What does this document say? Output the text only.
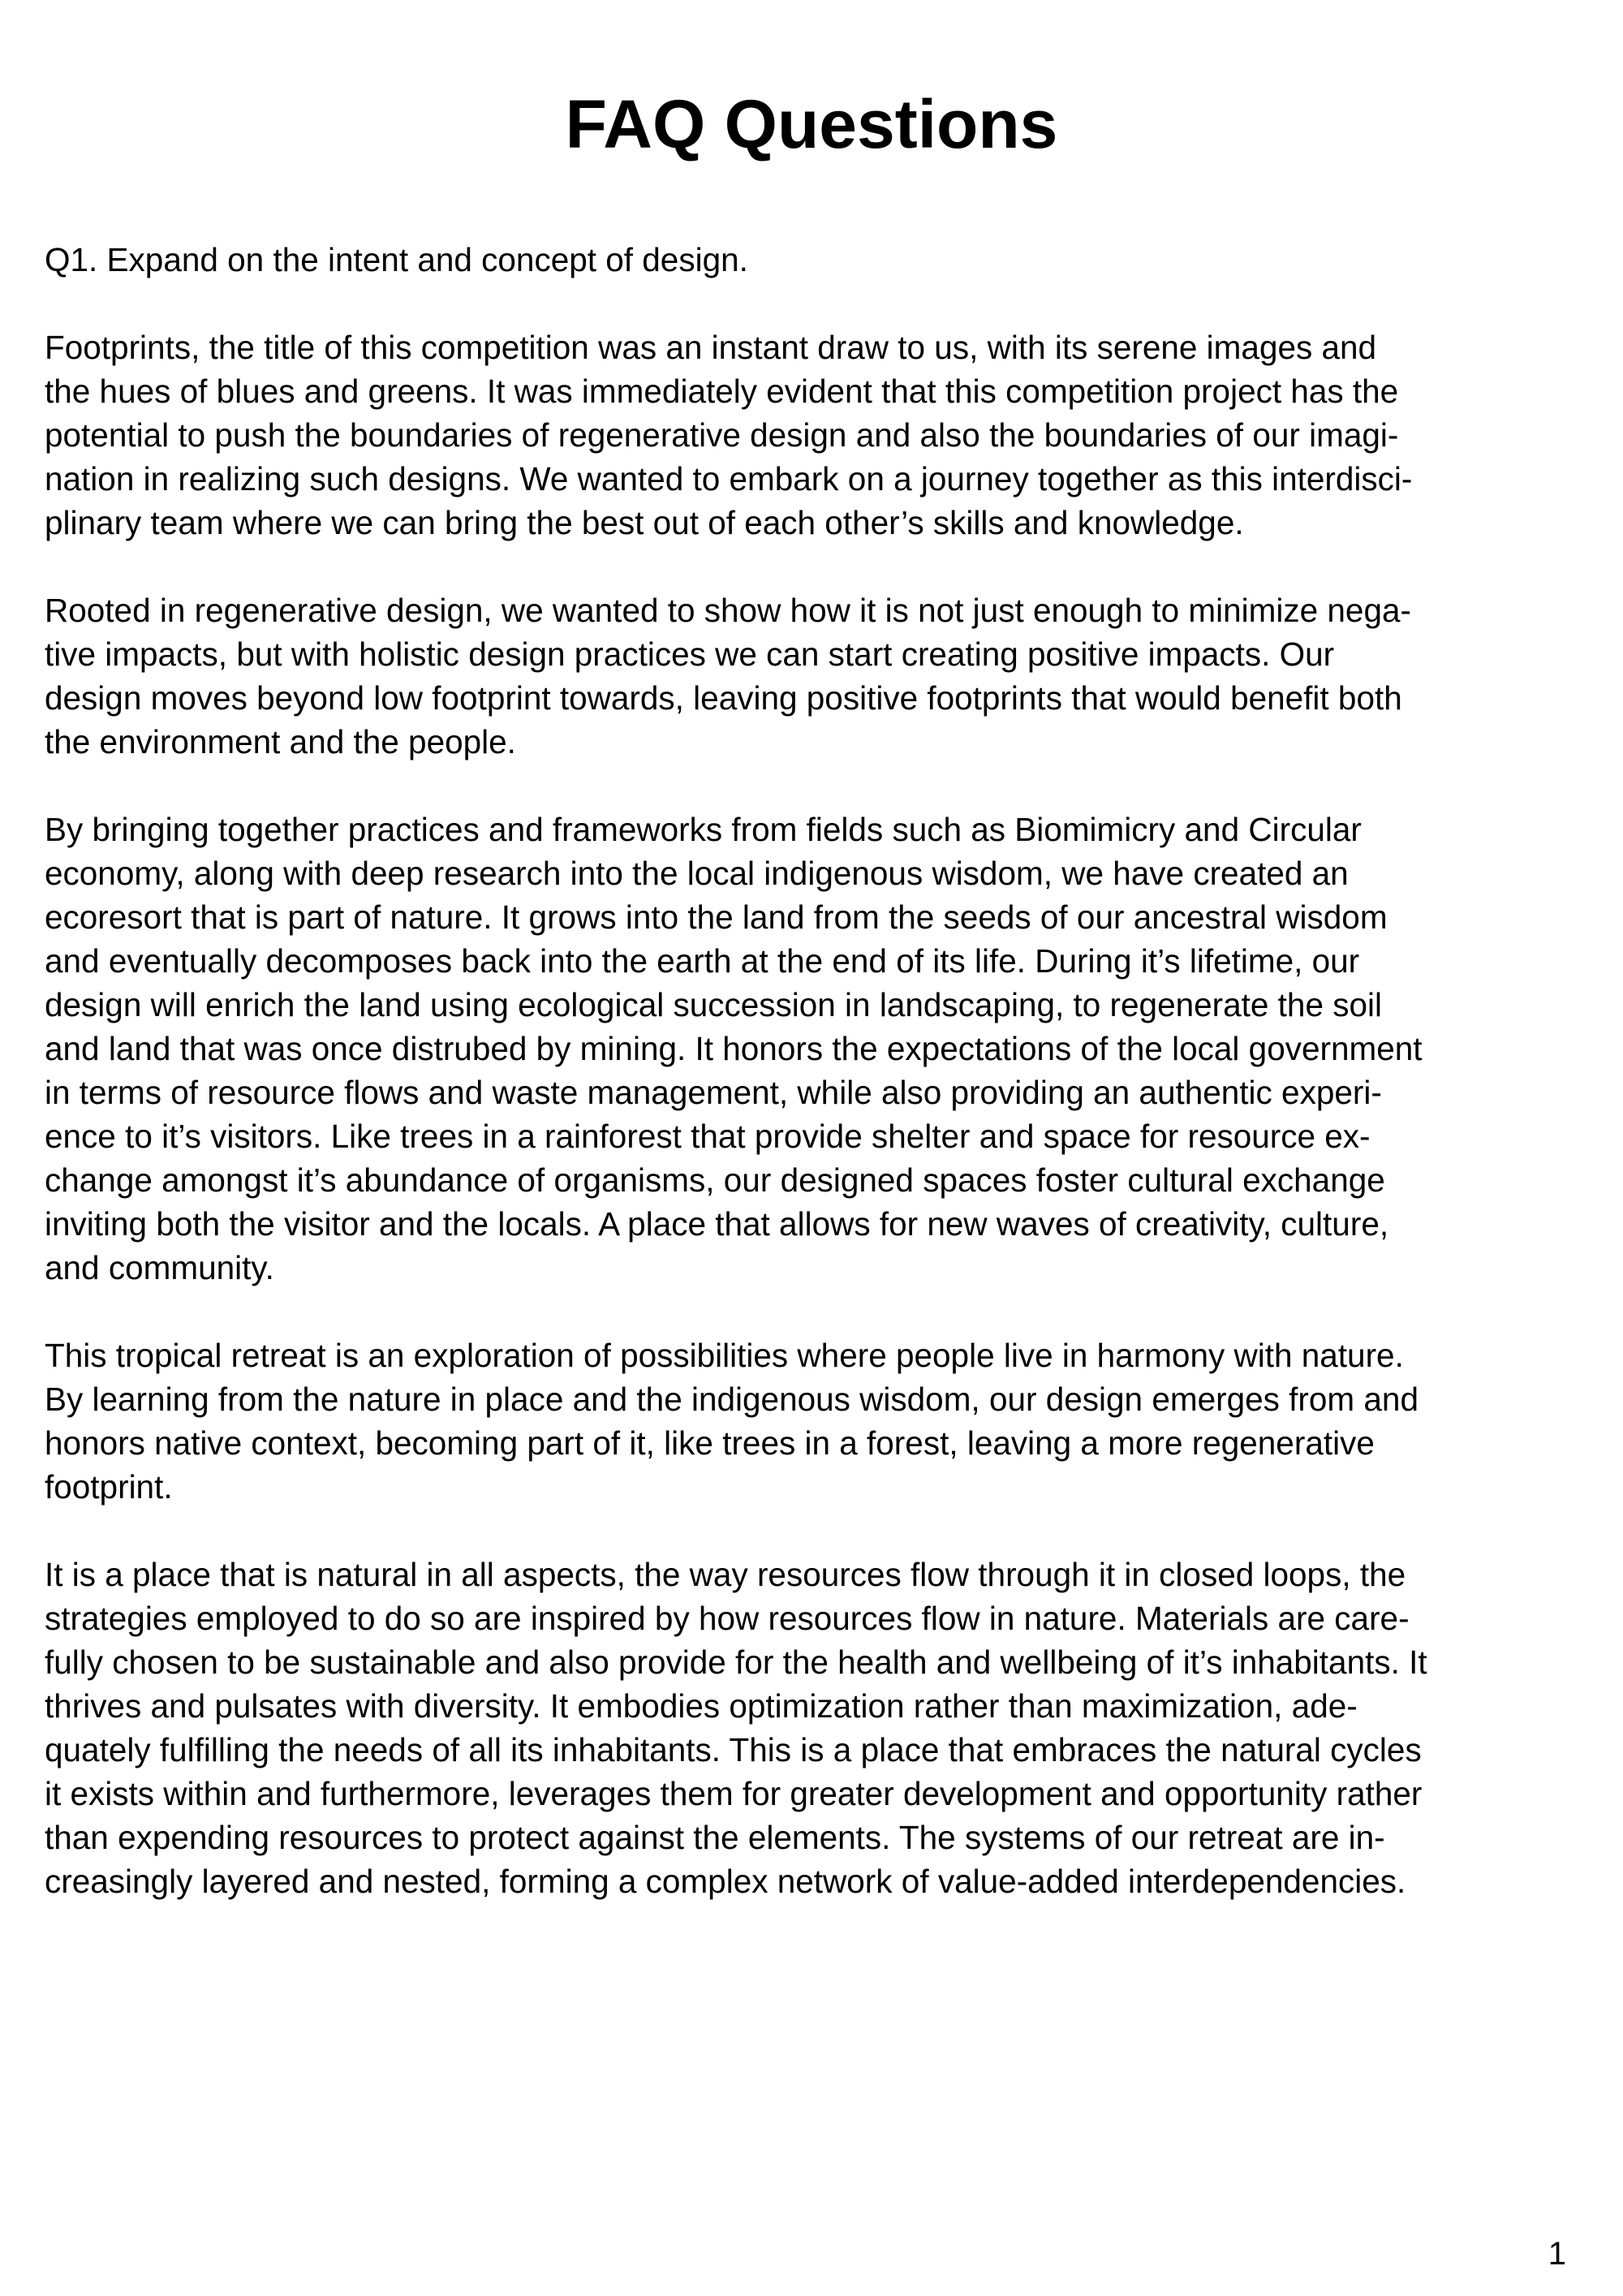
FAQ Questions
Q1. Expand on the intent and concept of design.
Footprints, the title of this competition was an instant draw to us, with its serene images and
the hues of blues and greens. It was immediately evident that this competition project has the
potential to push the boundaries of regenerative design and also the boundaries of our imagi-
nation in realizing such designs. We wanted to embark on a journey together as this interdisci-
plinary team where we can bring the best out of each other’s skills and knowledge.
Rooted in regenerative design, we wanted to show how it is not just enough to minimize nega-
tive impacts, but with holistic design practices we can start creating positive impacts. Our
design moves beyond low footprint towards, leaving positive footprints that would benefit both
the environment and the people.
By bringing together practices and frameworks from fields such as Biomimicry and Circular
economy, along with deep research into the local indigenous wisdom, we have created an
ecoresort that is part of nature. It grows into the land from the seeds of our ancestral wisdom
and eventually decomposes back into the earth at the end of its life. During it’s lifetime, our
design will enrich the land using ecological succession in landscaping, to regenerate the soil
and land that was once distrubed by mining. It honors the expectations of the local government
in terms of resource flows and waste management, while also providing an authentic experi-
ence to it’s visitors. Like trees in a rainforest that provide shelter and space for resource ex-
change amongst it’s abundance of organisms, our designed spaces foster cultural exchange
inviting both the visitor and the locals. A place that allows for new waves of creativity, culture,
and community.
This tropical retreat is an exploration of possibilities where people live in harmony with nature.
By learning from the nature in place and the indigenous wisdom, our design emerges from and
honors native context, becoming part of it, like trees in a forest, leaving a more regenerative
footprint.
It is a place that is natural in all aspects, the way resources flow through it in closed loops, the
strategies employed to do so are inspired by how resources flow in nature. Materials are care-
fully chosen to be sustainable and also provide for the health and wellbeing of it’s inhabitants. It
thrives and pulsates with diversity. It embodies optimization rather than maximization, ade-
quately fulfilling the needs of all its inhabitants. This is a place that embraces the natural cycles
it exists within and furthermore, leverages them for greater development and opportunity rather
than expending resources to protect against the elements. The systems of our retreat are in-
creasingly layered and nested, forming a complex network of value-added interdependencies.
1
